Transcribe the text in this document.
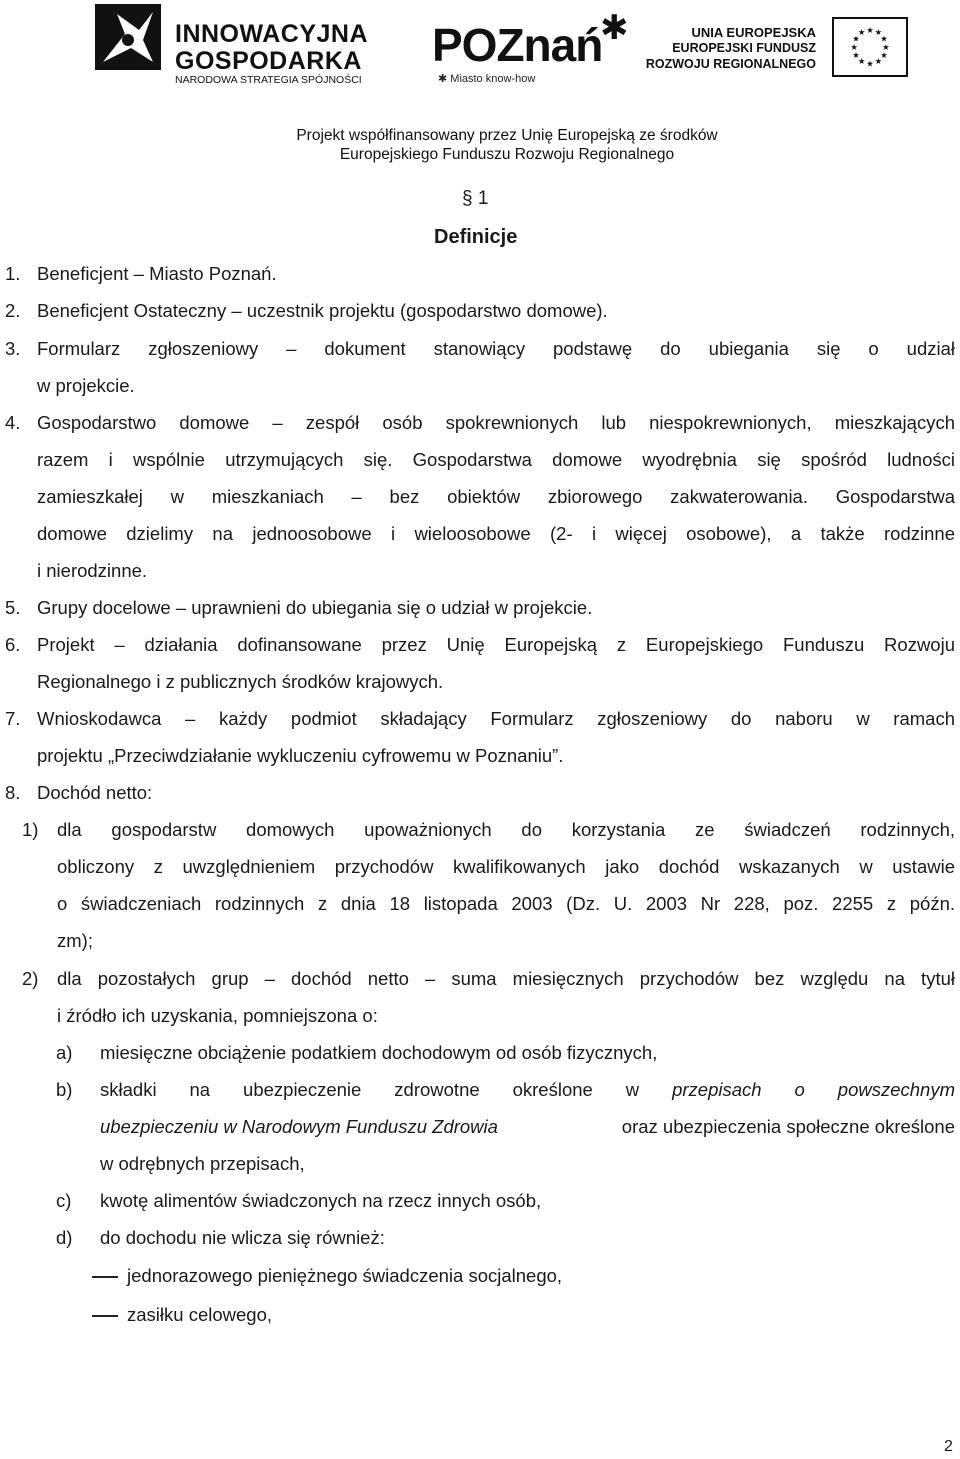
INNOWACYJNA
GOSPODARKA
NARODOWA STRATEGIA SPÓJNOŚCI
POZnań
✱
✱ Miasto know-how
UNIA EUROPEJSKA
EUROPEJSKI FUNDUSZ
ROZWOJU REGIONALNEGO
★ ★
★
★
★
★
★
★
★
★
★
★
Projekt współfinansowany przez Unię Europejską ze środków
Europejskiego Funduszu Rozwoju Regionalnego
§ 1
Definicje
1. Beneficjent – Miasto Poznań.
2. Beneficjent Ostateczny – uczestnik projektu (gospodarstwo domowe).
3. Formularz zgłoszeniowy – dokument stanowiący podstawę do ubiegania się o udział
w projekcie.
4. Gospodarstwo domowe – zespół osób spokrewnionych lub niespokrewnionych, mieszkających
razem i wspólnie utrzymujących się. Gospodarstwa domowe wyodrębnia się spośród ludności
zamieszkałej w mieszkaniach – bez obiektów zbiorowego zakwaterowania. Gospodarstwa
domowe dzielimy na jednoosobowe i wieloosobowe (2- i więcej osobowe), a także rodzinne
i nierodzinne.
5. Grupy docelowe – uprawnieni do ubiegania się o udział w projekcie.
6. Projekt – działania dofinansowane przez Unię Europejską z Europejskiego Funduszu Rozwoju
Regionalnego i z publicznych środków krajowych.
7. Wnioskodawca – każdy podmiot składający Formularz zgłoszeniowy do naboru w ramach
projektu „Przeciwdziałanie wykluczeniu cyfrowemu w Poznaniu”.
8. Dochód netto:
1) dla gospodarstw domowych upoważnionych do korzystania ze świadczeń rodzinnych,
obliczony z uwzględnieniem przychodów kwalifikowanych jako dochód wskazanych w ustawie
o świadczeniach rodzinnych z dnia 18 listopada 2003 (Dz. U. 2003 Nr 228, poz. 2255 z późn.
zm);
2) dla pozostałych grup – dochód netto – suma miesięcznych przychodów bez względu na tytuł
i źródło ich uzyskania, pomniejszona o:
a) miesięczne obciążenie podatkiem dochodowym od osób fizycznych,
b) składki na ubezpieczenie zdrowotne określone w przepisach o powszechnym
ubezpieczeniu w Narodowym Funduszu Zdrowia	oraz ubezpieczenia społeczne określone
w odrębnych przepisach,
c) kwotę alimentów świadczonych na rzecz innych osób,
d) do dochodu nie wlicza się również:
jednorazowego pieniężnego świadczenia socjalnego,
zasiłku celowego,
2
